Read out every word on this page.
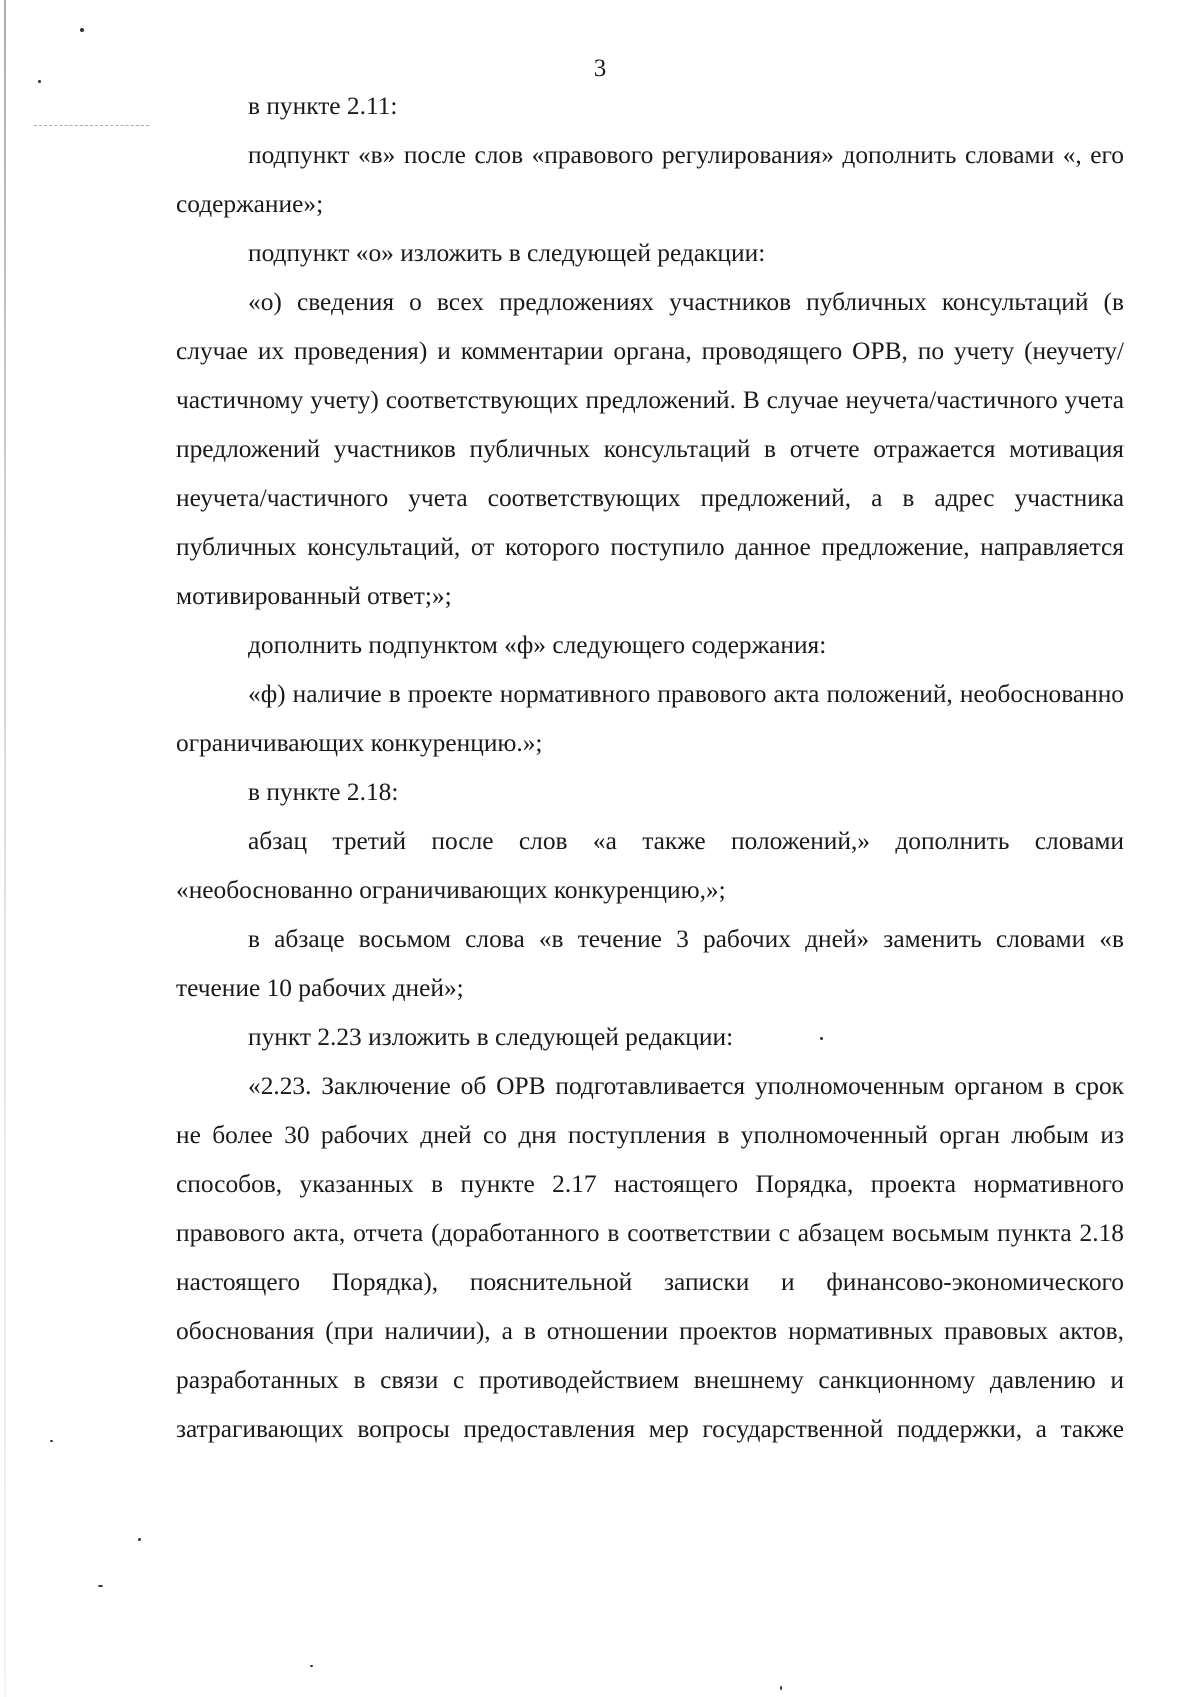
3

в пункте 2.11:

подпункт «в» после слов «правового регулирования» дополнить словами «, его содержание»;

подпункт «о» изложить в следующей редакции:

«о) сведения о всех предложениях участников публичных консультаций (в случае их проведения) и комментарии органа, проводящего ОРВ, по учету (неучету/частичному учету) соответствующих предложений. В случае неучета/частичного учета предложений участников публичных консультаций в отчете отражается мотивация неучета/частичного учета соответствующих предложений, а в адрес участника публичных консультаций, от которого поступило данное предложение, направляется мотивированный ответ;»;

дополнить подпунктом «ф» следующего содержания:

«ф) наличие в проекте нормативного правового акта положений, необоснованно ограничивающих конкуренцию.»;

в пункте 2.18:

абзац третий после слов «а также положений,» дополнить словами «необоснованно ограничивающих конкуренцию,»;

в абзаце восьмом слова «в течение 3 рабочих дней» заменить словами «в течение 10 рабочих дней»;

пункт 2.23 изложить в следующей редакции:

«2.23. Заключение об ОРВ подготавливается уполномоченным органом в срок не более 30 рабочих дней со дня поступления в уполномоченный орган любым из способов, указанных в пункте 2.17 настоящего Порядка, проекта нормативного правового акта, отчета (доработанного в соответствии с абзацем восьмым пункта 2.18 настоящего Порядка), пояснительной записки и финансово-экономического обоснования (при наличии), а в отношении проектов нормативных правовых актов, разработанных в связи с противодействием внешнему санкционному давлению и затрагивающих вопросы предоставления мер государственной поддержки, а также
